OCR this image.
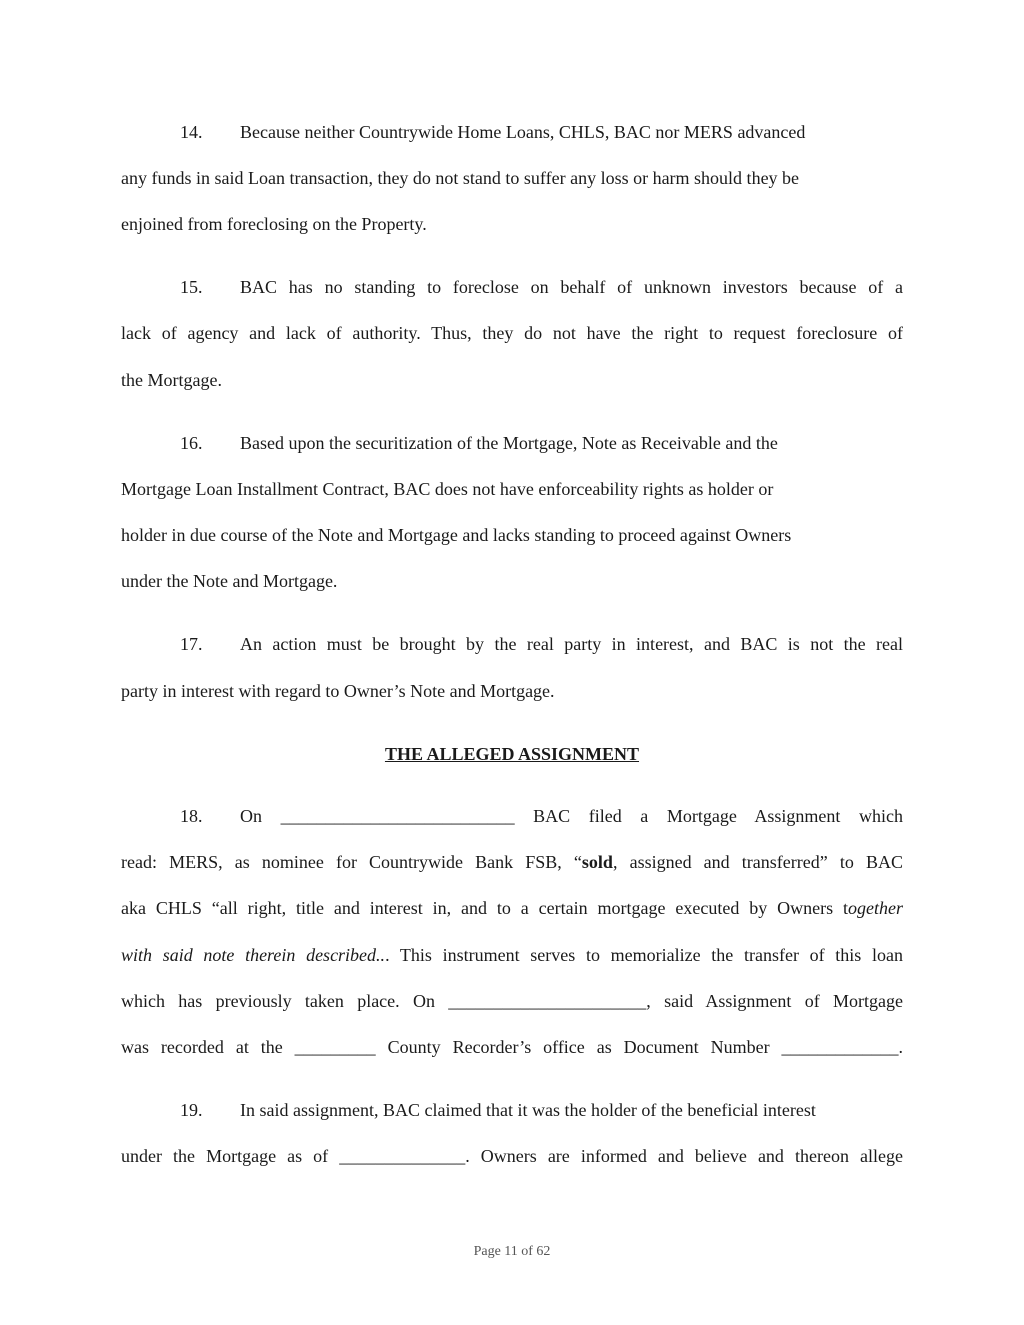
14. Because neither Countrywide Home Loans, CHLS, BAC nor MERS advanced
any funds in said Loan transaction, they do not stand to suffer any loss or harm should they be
enjoined from foreclosing on the Property.
15. BAC has no standing to foreclose on behalf of unknown investors because of a
lack of agency and lack of authority. Thus, they do not have the right to request foreclosure of
the Mortgage.
16. Based upon the securitization of the Mortgage, Note as Receivable and the
Mortgage Loan Installment Contract, BAC does not have enforceability rights as holder or
holder in due course of the Note and Mortgage and lacks standing to proceed against Owners
under the Note and Mortgage.
17. An action must be brought by the real party in interest, and BAC is not the real
party in interest with regard to Owner’s Note and Mortgage.
THE ALLEGED ASSIGNMENT
18. On __________________________ BAC filed a Mortgage Assignment which
read: MERS, as nominee for Countrywide Bank FSB, “sold, assigned and transferred” to BAC
aka CHLS “all right, title and interest in, and to a certain mortgage executed by Owners together
with said note therein described... This instrument serves to memorialize the transfer of this loan
which has previously taken place. On ______________________, said Assignment of Mortgage
was recorded at the _________ County Recorder’s office as Document Number _____________.
19. In said assignment, BAC claimed that it was the holder of the beneficial interest
under the Mortgage as of ______________. Owners are informed and believe and thereon allege
Page 11 of 62
